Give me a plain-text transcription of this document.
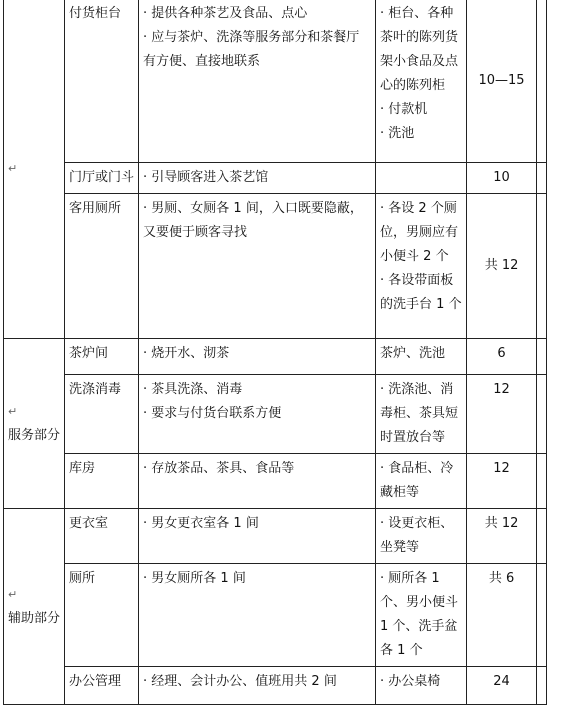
↵	付货柜台	· 提供各种茶艺及食品、点心
· 应与茶炉、洗涤等服务部分和茶餐厅有方便、直接地联系	· 柜台、各种茶叶的陈列货架小食品及点心的陈列柜
· 付款机
· 洗池	10—15	

	门厅或门斗	· 引导顾客进入茶艺馆		10	

	客用厕所	· 男厕、女厕各 1 间，入口既要隐蔽，又要便于顾客寻找	· 各设 2 个厕位，男厕应有小便斗 2 个
· 各设带面板的洗手台 1 个	共 12	

↵
服务部分	茶炉间	· 烧开水、沏茶	茶炉、洗池	6	

	洗涤消毒	· 茶具洗涤、消毒
· 要求与付货台联系方便	· 洗涤池、消毒柜、茶具短时置放台等	12	

	库房	· 存放茶品、茶具、食品等	· 食品柜、冷藏柜等	12	

↵
辅助部分	更衣室	· 男女更衣室各 1 间	· 设更衣柜、坐凳等	共 12	

	厕所	· 男女厕所各 1 间	· 厕所各 1 个、男小便斗 1 个、洗手盆各 1 个	共 6	

	办公管理	· 经理、会计办公、值班用共 2 间	· 办公桌椅	24	
